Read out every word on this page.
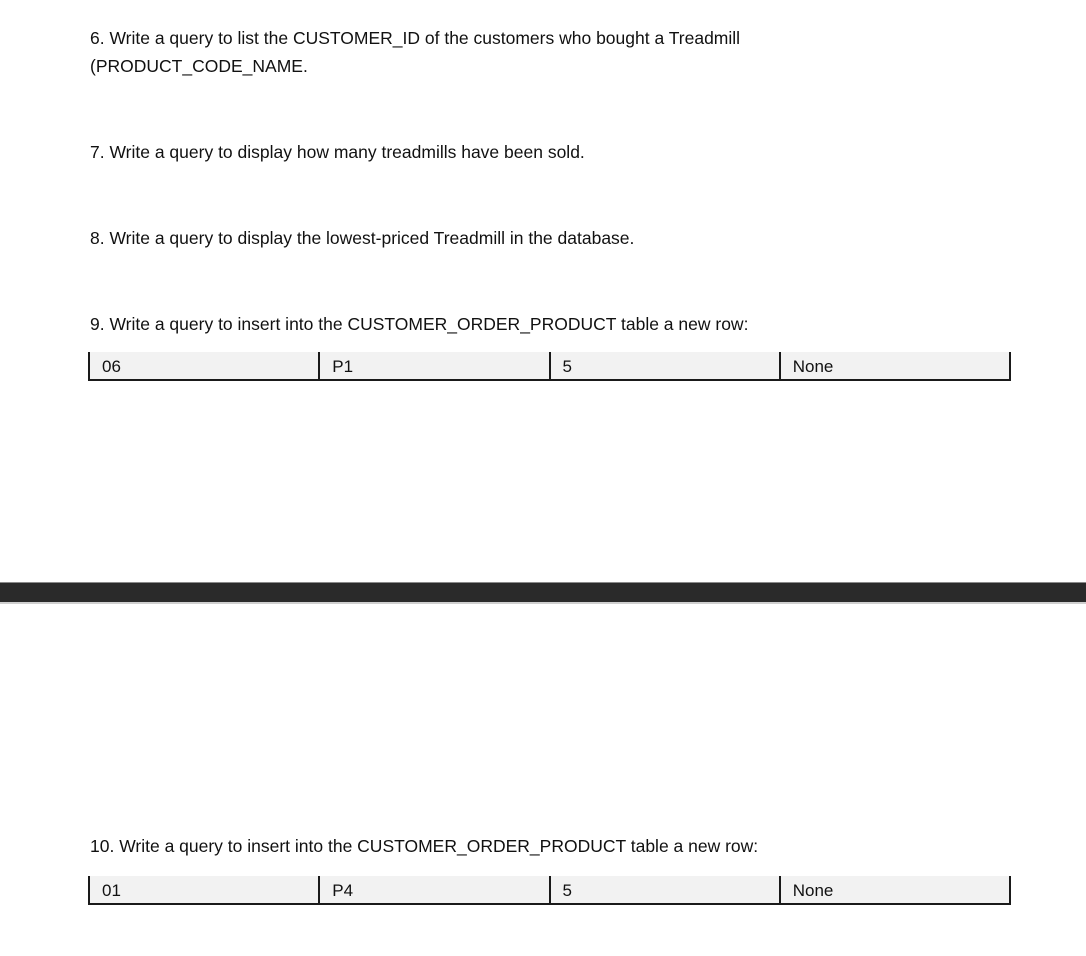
6. Write a query to list the CUSTOMER_ID of the customers who bought a Treadmill
(PRODUCT_CODE_NAME.
7. Write a query to display how many treadmills have been sold.
8. Write a query to display the lowest-priced Treadmill in the database.
9. Write a query to insert into the CUSTOMER_ORDER_PRODUCT table a new row:
06	P1	5	None
10. Write a query to insert into the CUSTOMER_ORDER_PRODUCT table a new row:
01	P4	5	None
